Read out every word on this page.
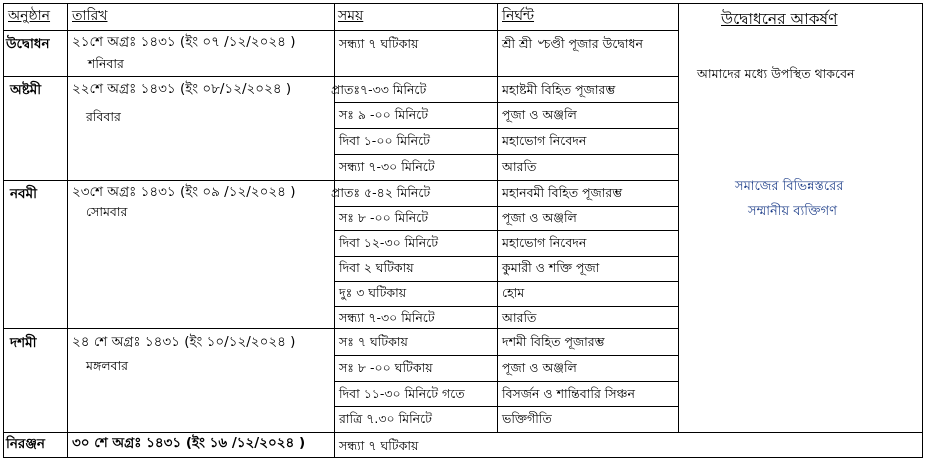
অনুষ্ঠান তারিখ	সময়	নির্ঘন্ট
উদ্বোধন ২১শে অগ্রঃ ১৪৩১ (ইং ০৭ /১২/২০২৪ )
শনিবার
সন্ধ্যা ৭ ঘটিকায়	শ্রী শ্রী ৺চণ্ডী পূজার উদ্বোধন
অষ্টমী ২২শে অগ্রঃ ১৪৩১ (ইং ০৮/১২/২০২৪ )
রবিবার
প্রাতঃ৭-৩৩ মিনিটে	মহাষ্টমী বিহিত পূজারম্ভ
সঃ ৯ -০০ মিনিটে	পূজা ও অঞ্জলি
দিবা ১-০০ মিনিটে	মহাভোগ নিবেদন
সন্ধ্যা ৭-৩০ মিনিটে	আরতি
নবমী	২৩শে অগ্রঃ ১৪৩১ (ইং ০৯ /১২/২০২৪ )
সোমবার
প্রাতঃ ৫-৪২ মিনিটে	মহানবমী বিহিত পূজারম্ভ
সঃ ৮ -০০ মিনিটে	পূজা ও অঞ্জলি
দিবা ১২-৩০ মিনিটে	মহাভোগ নিবেদন
দিবা ২ ঘটিকায়	কুমারী ও শক্তি পূজা
দুঃ ৩ ঘটিকায়	হোম
সন্ধ্যা ৭-৩০ মিনিটে	আরতি
দশমী	২৪ শে অগ্রঃ ১৪৩১ (ইং ১০/১২/২০২৪ )
মঙ্গলবার
সঃ ৭ ঘটিকায়	দশমী বিহিত পূজারম্ভ
সঃ ৮ -০০ ঘটিকায়	পূজা ও অঞ্জলি
দিবা ১১-৩০ মিনিটে গতে	বিসর্জন ও শান্তিবারি সিঞ্চন
রাত্রি ৭.৩০ মিনিটে	ভক্তিগীতি
নিরঞ্জন ৩০ শে অগ্রঃ ১৪৩১ (ইং ১৬ /১২/২০২৪ )	সন্ধ্যা ৭ ঘটিকায়
উদ্বোধনের আকর্ষণ
আমাদের মধ্যে উপস্থিত থাকবেন
সমাজের বিভিন্নস্তরের
সম্মানীয় ব্যক্তিগণ
